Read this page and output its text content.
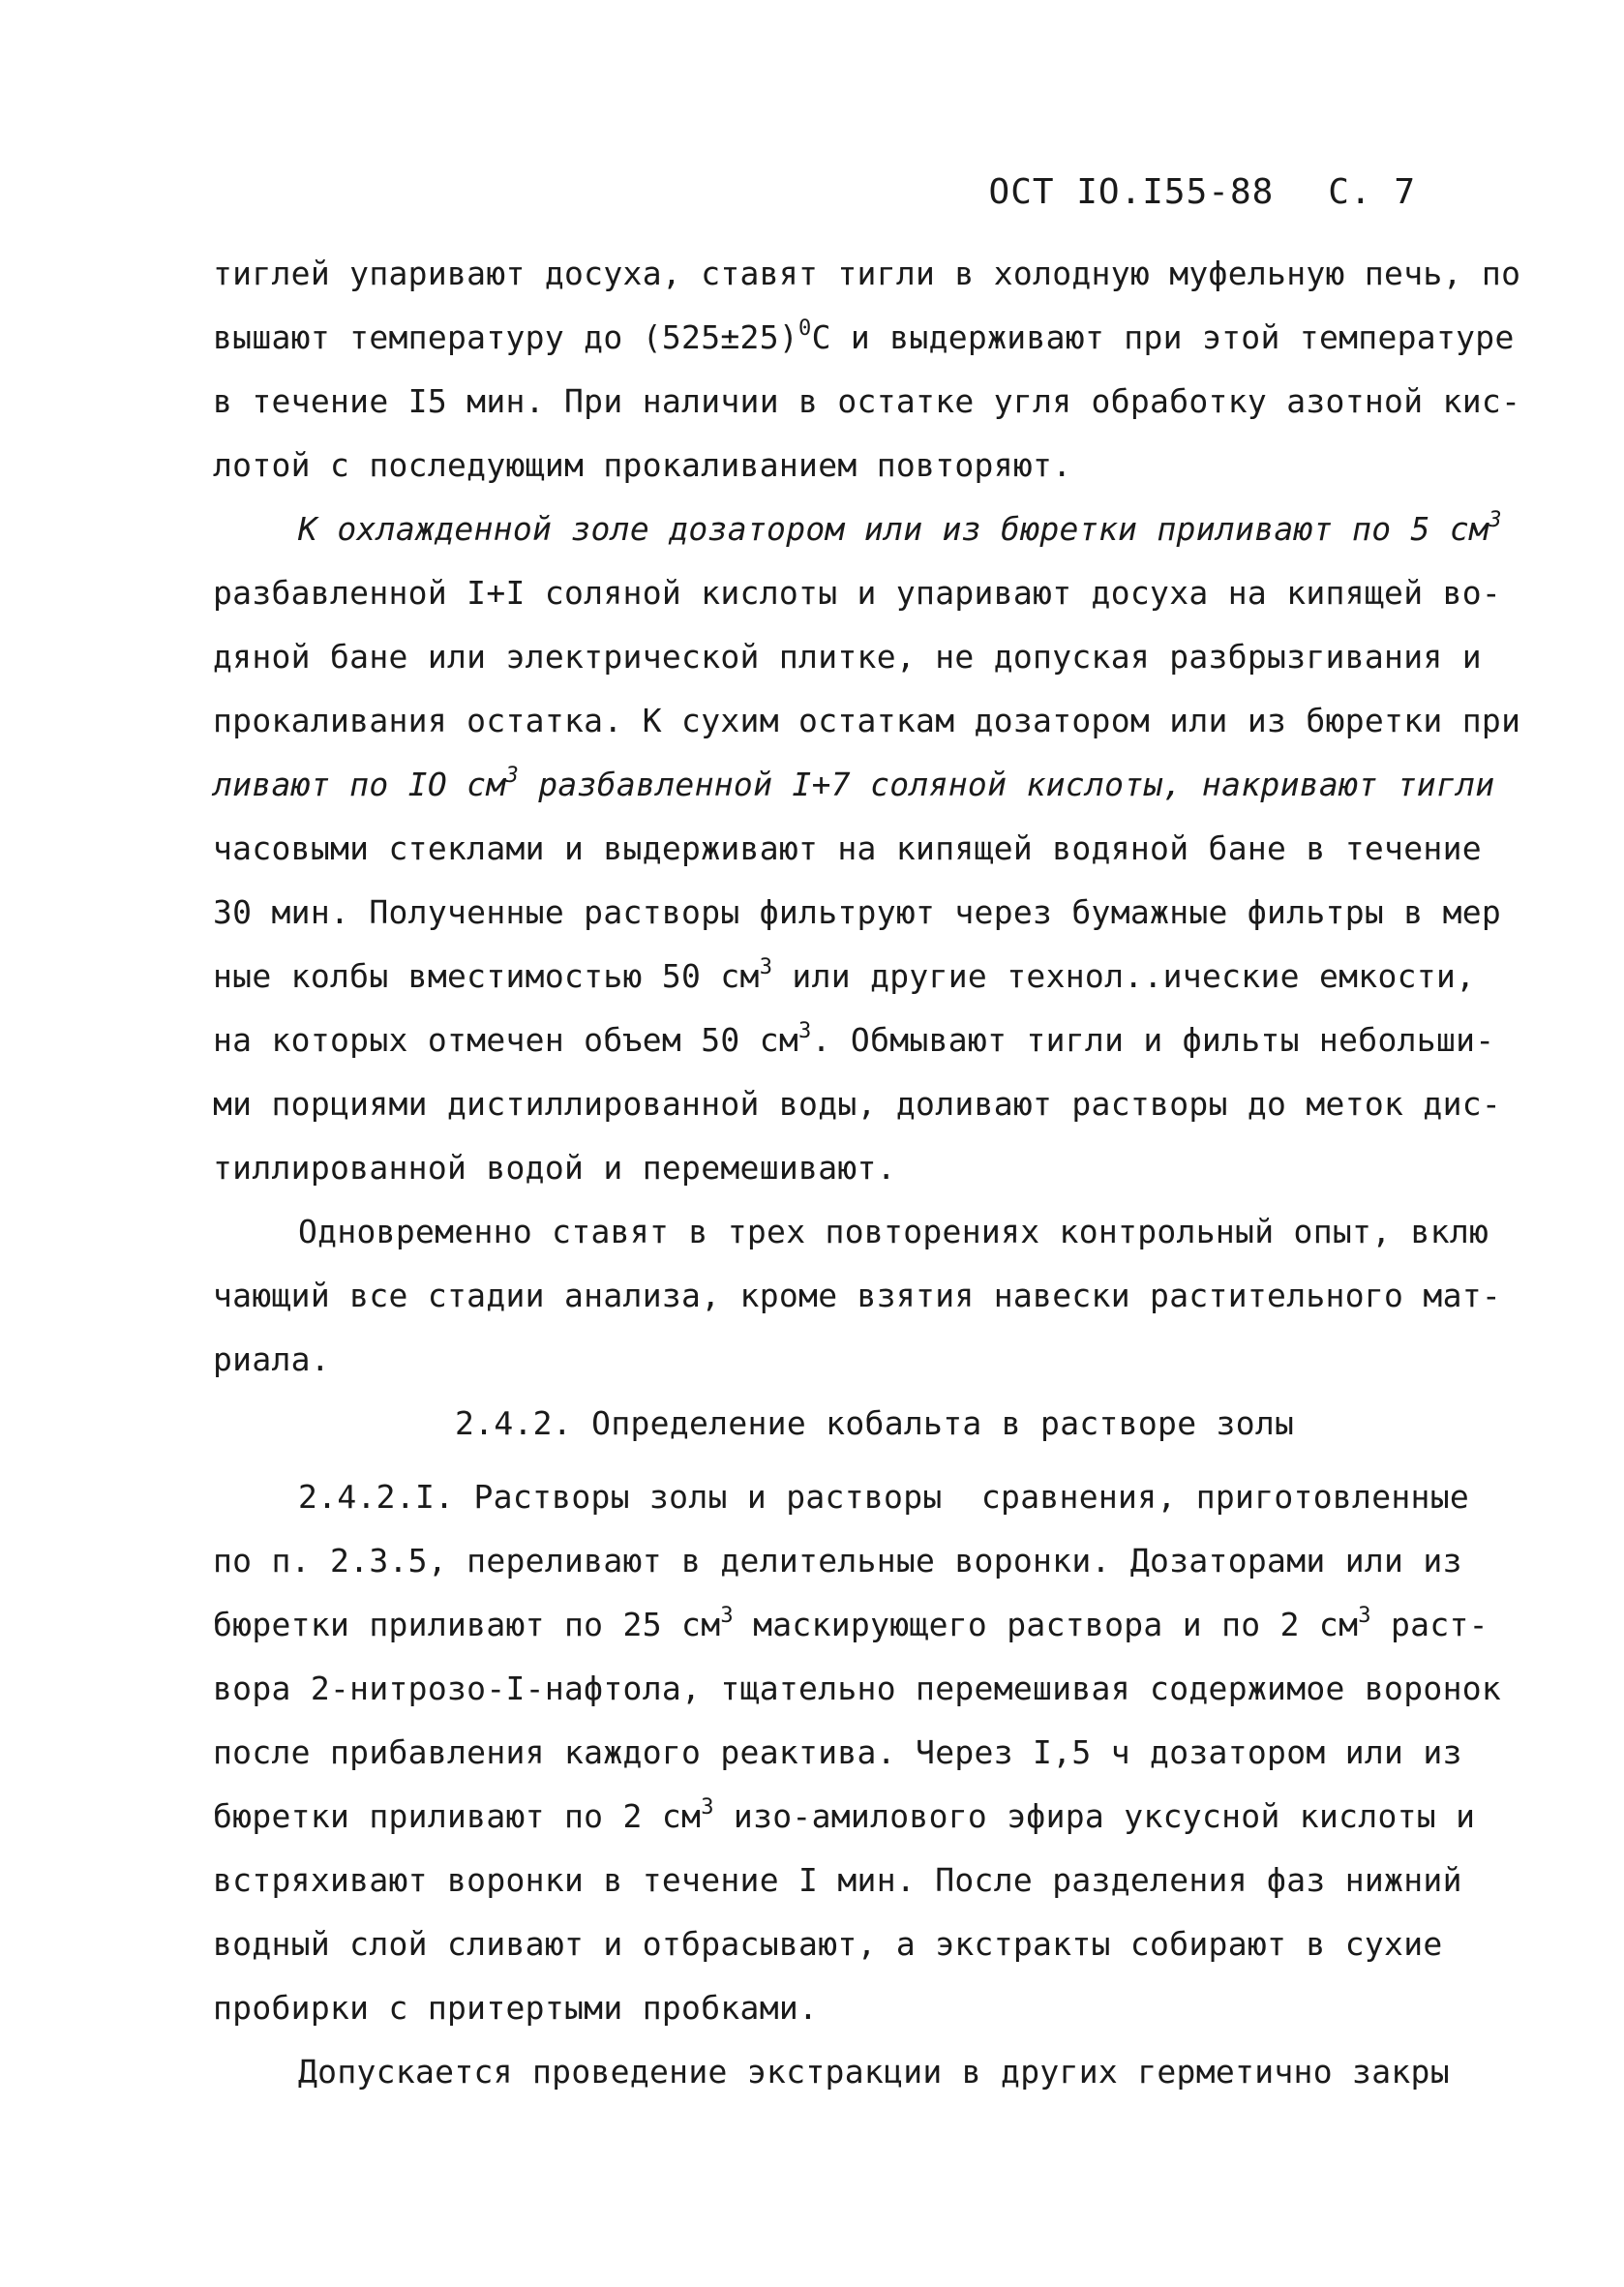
ОСТ IO.I55-88 С. 7
тиглей упаривают досуха, ставят тигли в холодную муфельную печь, по
вышают температуру до $(525\pm 25)^0С$ и выдерживают при этой температуре
в течение I5 мин. При наличии в остатке угля обработку азотной кис-
лотой с последующим прокаливанием повторяют.
К охлажденной золе дозатором или из бюретки приливают по 5 $см^3$
разбавленной I+I соляной кислоты и упаривают досуха на кипящей во-
дяной бане или электрической плитке, не допуская разбрызгивания и
прокаливания остатка. К сухим остаткам дозатором или из бюретки при
ливают по IO $см^3$ разбавленной I+7 соляной кислоты, накривают тигли
часовыми стеклами и выдерживают на кипящей водяной бане в течение
30 мин. Полученные растворы фильтруют через бумажные фильтры в мер
ные колбы вместимостью 50 $см^3$ или другие технол..ические емкости,
на которых отмечен объем 50 $см^3$. Обмывают тигли и фильты небольши-
ми порциями дистиллированной воды, доливают растворы до меток дис-
тиллированной водой и перемешивают.
Одновременно ставят в трех повторениях контрольный опыт, вклю
чающий все стадии анализа, кроме взятия навески растительного мат-
риала.
2.4.2. Определение кобальта в растворе золы
2.4.2.I. Растворы золы и растворы  сравнения, приготовленные
по п. 2.3.5, переливают в делительные воронки. Дозаторами или из
бюретки приливают по 25 $см^3$ маскирующего раствора и по 2 $см^3$ раст-
вора 2-нитрозо-I-нафтола, тщательно перемешивая содержимое воронок
после прибавления каждого реактива. Через I,5 ч дозатором или из
бюретки приливают по 2 $см^3$ изо-амилового эфира уксусной кислоты и
встряхивают воронки в течение I мин. После разделения фаз нижний
водный слой сливают и отбрасывают, а экстракты собирают в сухие
пробирки с притертыми пробками.
Допускается проведение экстракции в других герметично закры
